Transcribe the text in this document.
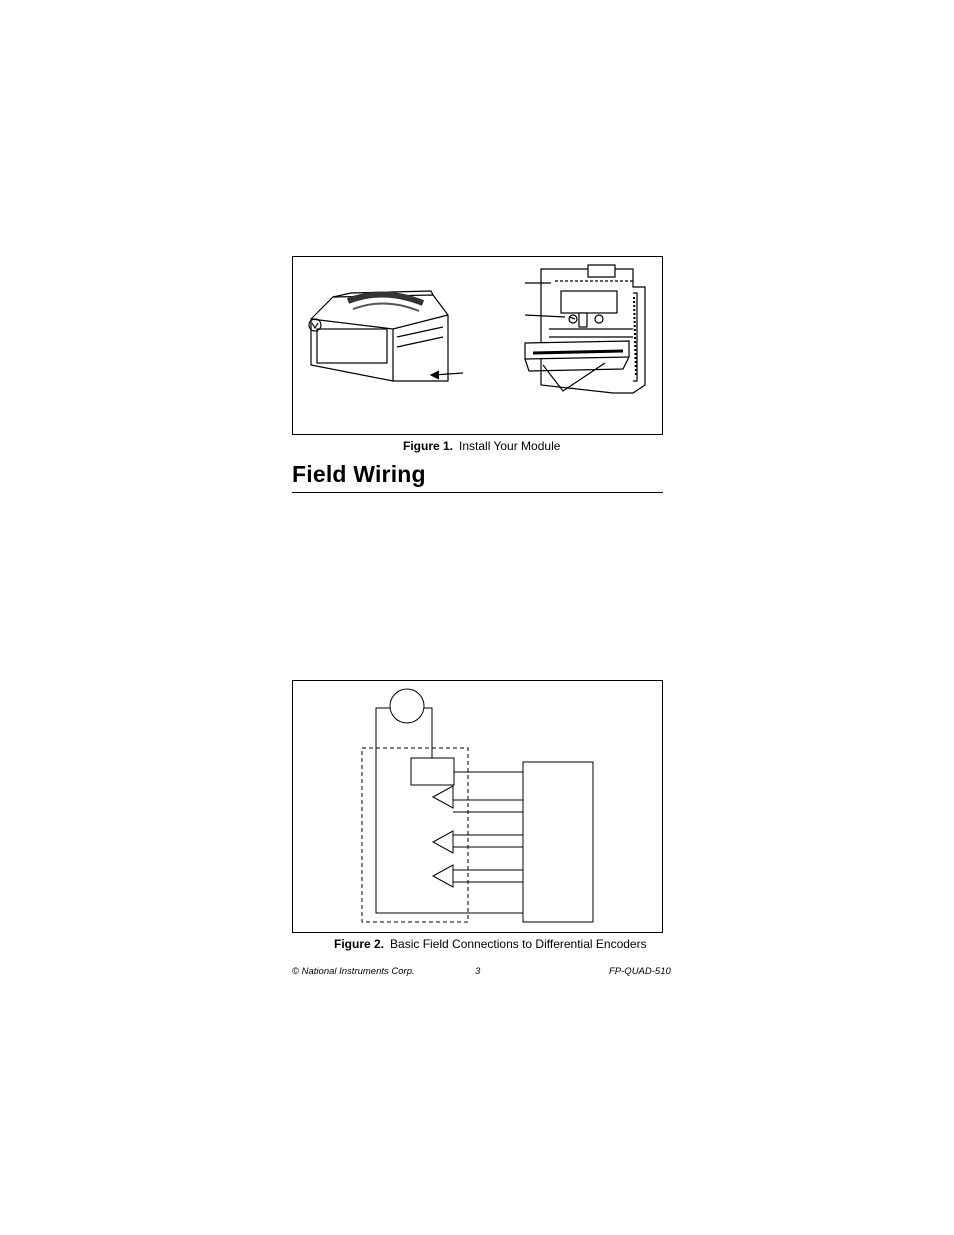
Figure 1. Install Your Module
Field Wiring
Figure 2. Basic Field Connections to Differential Encoders
© National Instruments Corp.	3	FP-QUAD-510
